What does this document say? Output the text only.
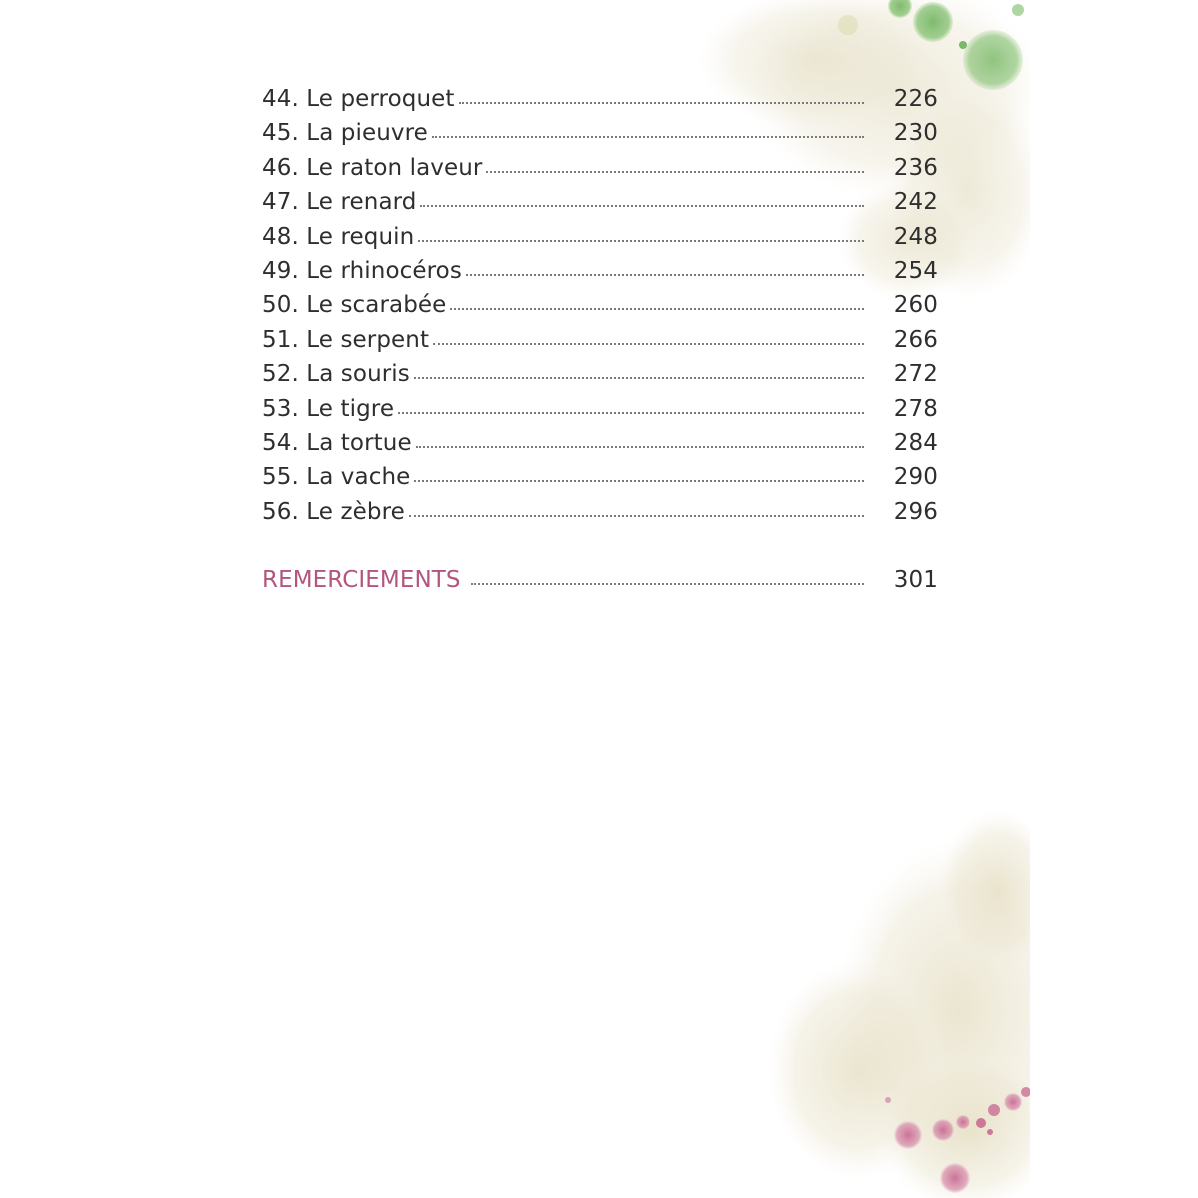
44. Le perroquet	226
45. La pieuvre	230
46. Le raton laveur	236
47. Le renard	242
48. Le requin	248
49. Le rhinocéros	254
50. Le scarabée	260
51. Le serpent	266
52. La souris	272
53. Le tigre	278
54. La tortue	284
55. La vache	290
56. Le zèbre	296
REMERCIEMENTS	301
